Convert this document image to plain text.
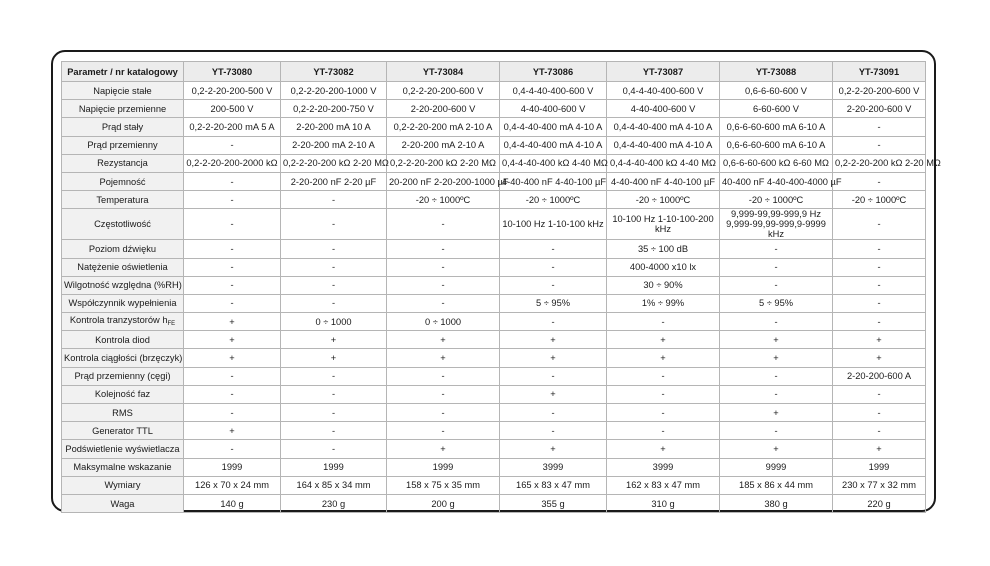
Parametr / nr katalogowy	YT-73080	YT-73082	YT-73084	YT-73086	YT-73087	YT-73088	YT-73091
Napięcie stałe	0,2-2-20-200-500 V	0,2-2-20-200-1000 V	0,2-2-20-200-600 V	0,4-4-40-400-600 V	0,4-4-40-400-600 V	0,6-6-60-600 V	0,2-2-20-200-600 V
Napięcie przemienne	200-500 V	0,2-2-20-200-750 V	2-20-200-600 V	4-40-400-600 V	4-40-400-600 V	6-60-600 V	2-20-200-600 V
Prąd stały	0,2-2-20-200 mA 5 A	2-20-200 mA 10 A	0,2-2-20-200 mA 2-10 A	0,4-4-40-400 mA 4-10 A	0,4-4-40-400 mA 4-10 A	0,6-6-60-600 mA 6-10 A	-
Prąd przemienny	-	2-20-200 mA 2-10 A	2-20-200 mA 2-10 A	0,4-4-40-400 mA 4-10 A	0,4-4-40-400 mA 4-10 A	0,6-6-60-600 mA 6-10 A	-
Rezystancja	0,2-2-20-200-2000 kΩ	0,2-2-20-200 kΩ 2-20 MΩ	0,2-2-20-200 kΩ 2-20 MΩ	0,4-4-40-400 kΩ 4-40 MΩ	0,4-4-40-400 kΩ 4-40 MΩ	0,6-6-60-600 kΩ 6-60 MΩ	0,2-2-20-200 kΩ 2-20 MΩ
Pojemność	-	2-20-200 nF 2-20 µF	20-200 nF 2-20-200-1000 µF	4-40-400 nF 4-40-100 µF	4-40-400 nF 4-40-100 µF	40-400 nF 4-40-400-4000 µF	-
Temperatura	-	-	-20 ÷ 1000ºC	-20 ÷ 1000ºC	-20 ÷ 1000ºC	-20 ÷ 1000ºC	-20 ÷ 1000ºC
Częstotliwość	-	-	-	10-100 Hz 1-10-100 kHz	10-100 Hz 1-10-100-200 kHz	9,999-99,99-999,9 Hz 9,999-99,99-999,9-9999 kHz	-
Poziom dźwięku	-	-	-	-	35 ÷ 100 dB	-	-
Natężenie oświetlenia	-	-	-	-	400-4000 x10 lx	-	-
Wilgotność względna (%RH)	-	-	-	-	30 ÷ 90%	-	-
Współczynnik wypełnienia	-	-	-	5 ÷ 95%	1% ÷ 99%	5 ÷ 95%	-
Kontrola tranzystorów $h_{FE}$	+	0 ÷ 1000	0 ÷ 1000	-	-	-	-
Kontrola diod	+	+	+	+	+	+	+
Kontrola ciągłości (brzęczyk)	+	+	+	+	+	+	+
Prąd przemienny (cęgi)	-	-	-	-	-	-	2-20-200-600 A
Kolejność faz	-	-	-	+	-	-	-
RMS	-	-	-	-	-	+	-
Generator TTL	+	-	-	-	-	-	-
Podświetlenie wyświetlacza	-	-	+	+	+	+	+
Maksymalne wskazanie	1999	1999	1999	3999	3999	9999	1999
Wymiary	126 x 70 x 24 mm	164 x 85 x 34 mm	158 x 75 x 35 mm	165 x 83 x 47 mm	162 x 83 x 47 mm	185 x 86 x 44 mm	230 x 77 x 32 mm
Waga	140 g	230 g	200 g	355 g	310 g	380 g	220 g
